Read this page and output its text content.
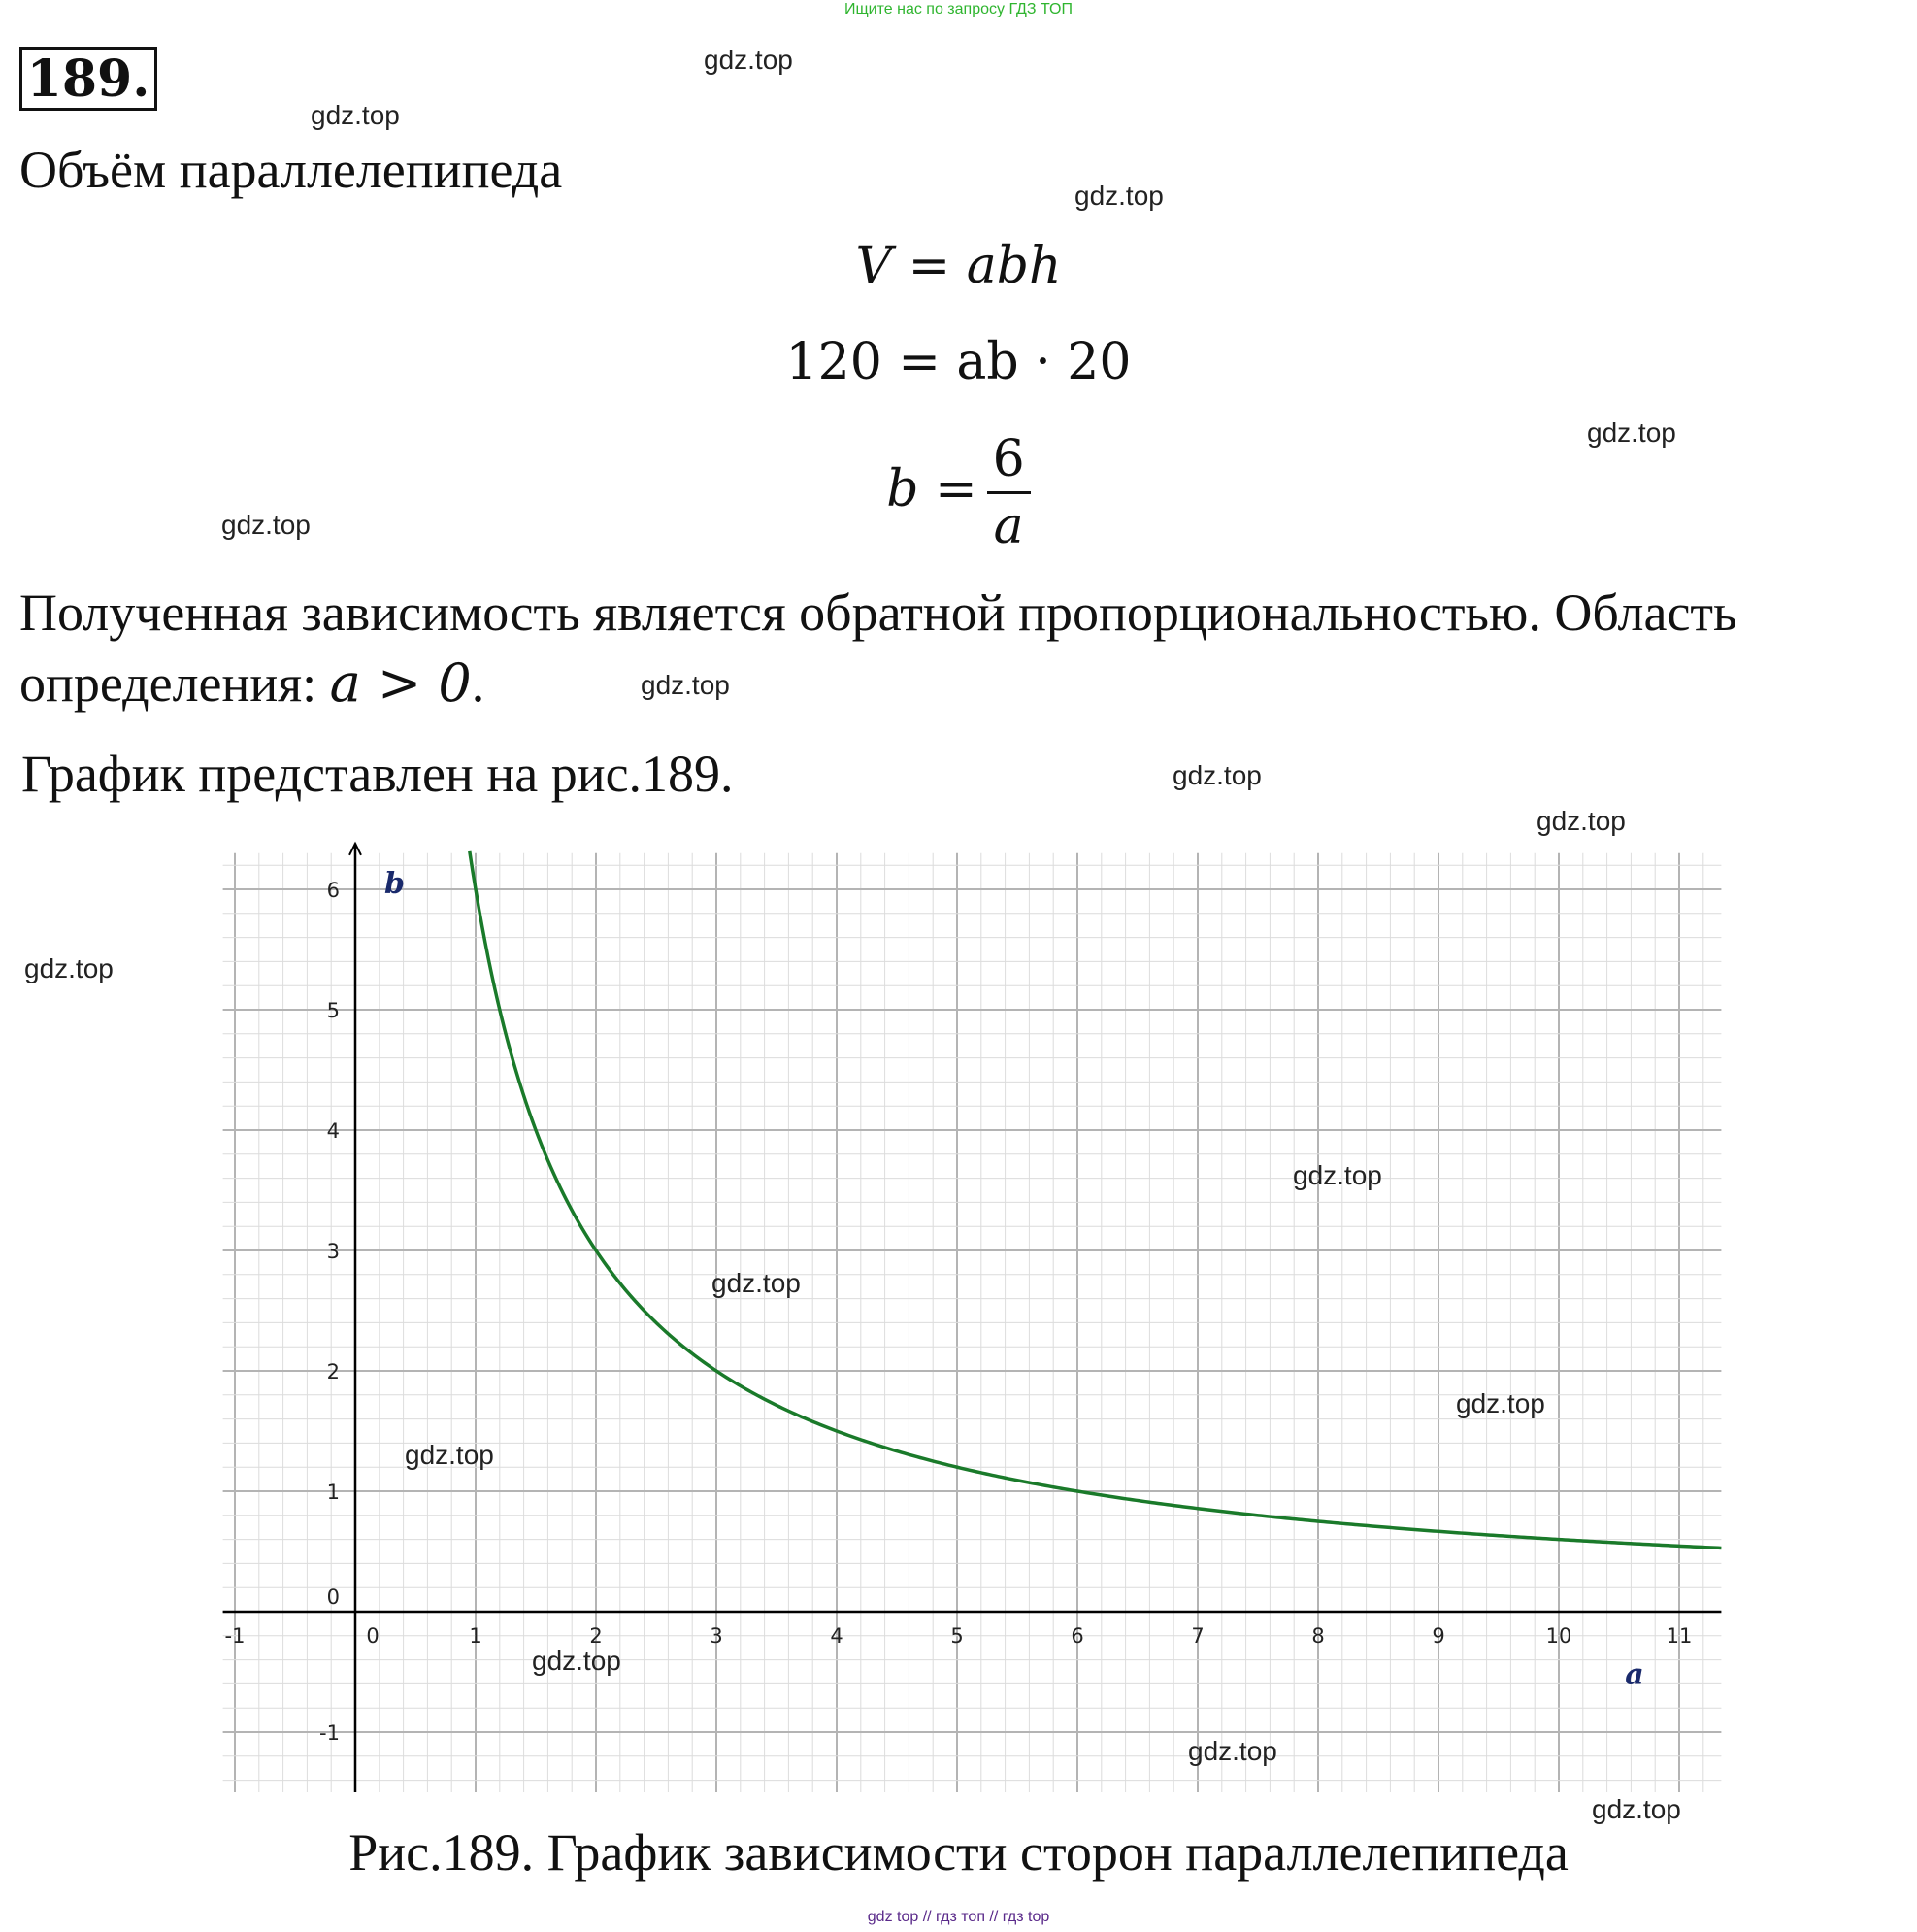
Ищите нас по запросу ГДЗ ТОП
189.
Объём параллелепипеда
V = abh
120 = ab · 20
$b = \frac{6}{a}$
Полученная зависимость является обратной пропорциональностью. Область
определения: a > 0.
График представлен на рис.189.
-1	0	1	2	3	4	5	6	7	8	9	10	11
-1
0
1
2
3
4
5
6
a
b
Рис.189. График зависимости сторон параллелепипеда
gdz.top
gdz.top
gdz.top
gdz.top
gdz.top
gdz.top
gdz.top
gdz.top
gdz.top
gdz.top
gdz.top
gdz.top
gdz.top
gdz.top
gdz.top
gdz.top
gdz top // гдз топ // гдз top
